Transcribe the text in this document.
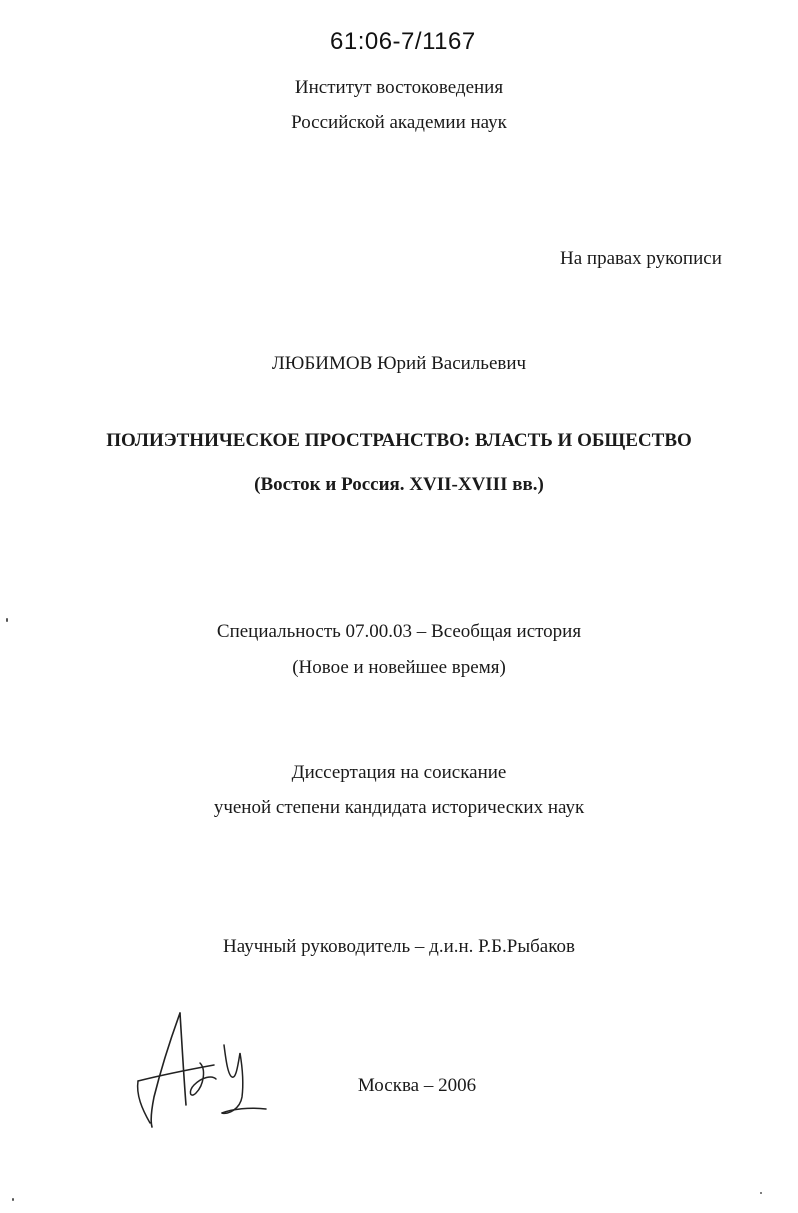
61:06-7/1167
Институт востоковедения
Российской академии наук
На правах рукописи
ЛЮБИМОВ Юрий Васильевич
ПОЛИЭТНИЧЕСКОЕ ПРОСТРАНСТВО: ВЛАСТЬ И ОБЩЕСТВО
(Восток и Россия. XVII-XVIII вв.)
Специальность 07.00.03 – Всеобщая история
(Новое и новейшее время)
Диссертация на соискание
ученой степени кандидата исторических наук
Научный руководитель – д.и.н. Р.Б.Рыбаков
Москва – 2006
